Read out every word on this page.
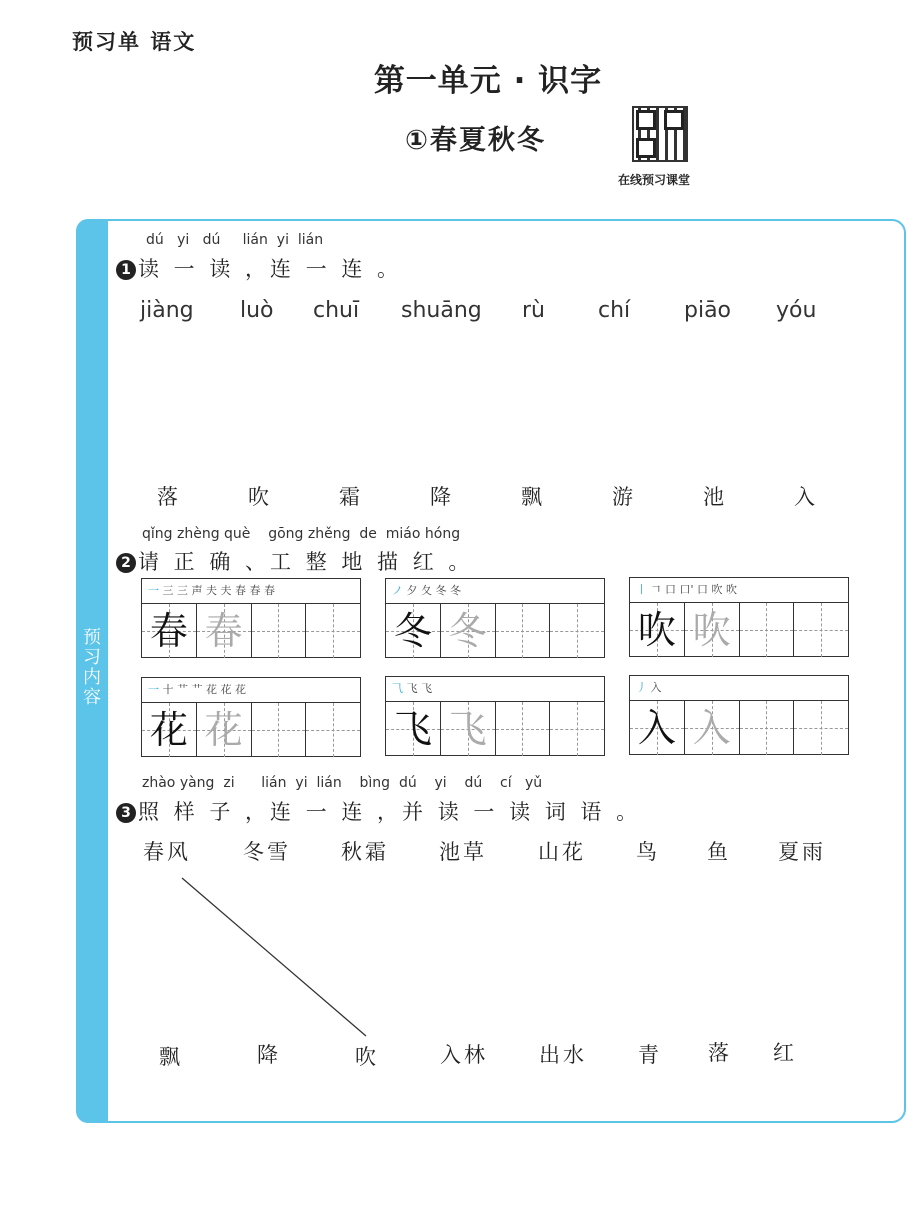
预习单 语文
第一单元 · 识字
①春夏秋冬
在线预习课堂
预习内容
dú   yi   dú     lián  yi  lián
1 读 一 读 ，连 一 连 。
jiàng luò chuī shuāng rù chí piāo yóu
落	吹	霜	降	飘	游	池	入
qǐng zhèng què    gōng zhěng  de  miáo hóng
2 请 正 确 、工 整 地 描 红 。
一 三 三 声 夫 夫 春 春 春
春 春
ノ 夕 夂 冬 冬
冬 冬
丨 𠃍 口 口' 口 吹 吹
吹 吹
一 十 艹 艹 花 花 花
花 花
⺄ 飞 飞
飞 飞
丿 入
入 入
zhào yàng  zi      lián  yi  lián    bìng  dú    yi    dú    cí   yǔ
3 照 样 子 ，连 一 连 ，并 读 一 读 词 语 。
春风 冬雪 秋霜 池草 山花 鸟 鱼 夏雨
飘	降	吹	入林 出水 青 落 红
